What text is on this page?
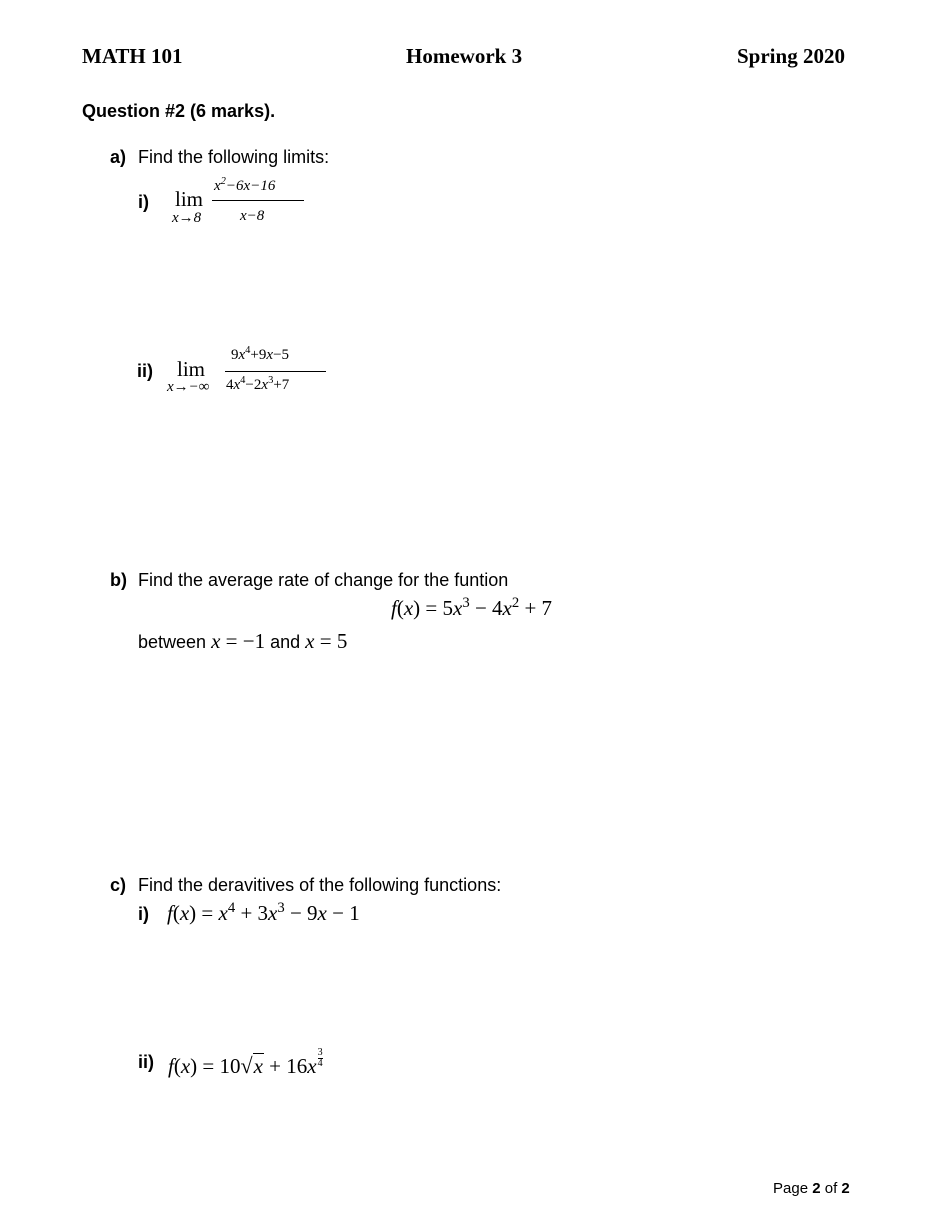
MATH 101	Homework 3	Spring 2020
Question #2 (6 marks).
a) Find the following limits:
i) lim
x→8
$x^2-6x-16$
x−8
ii) lim
x→−∞
$9x^4+9x-5$
$4x^4-2x^3+7$
b) Find the average rate of change for the funtion
$f(x) = 5x^3 - 4x^2 + 7$
between x = −1 and x = 5
c) Find the deravitives of the following functions:
i) $f(x) = x^4 + 3x^3 - 9x - 1$
ii) $f(x) = 10√x + 16x \frac{3}{4}$
Page 2 of 2
